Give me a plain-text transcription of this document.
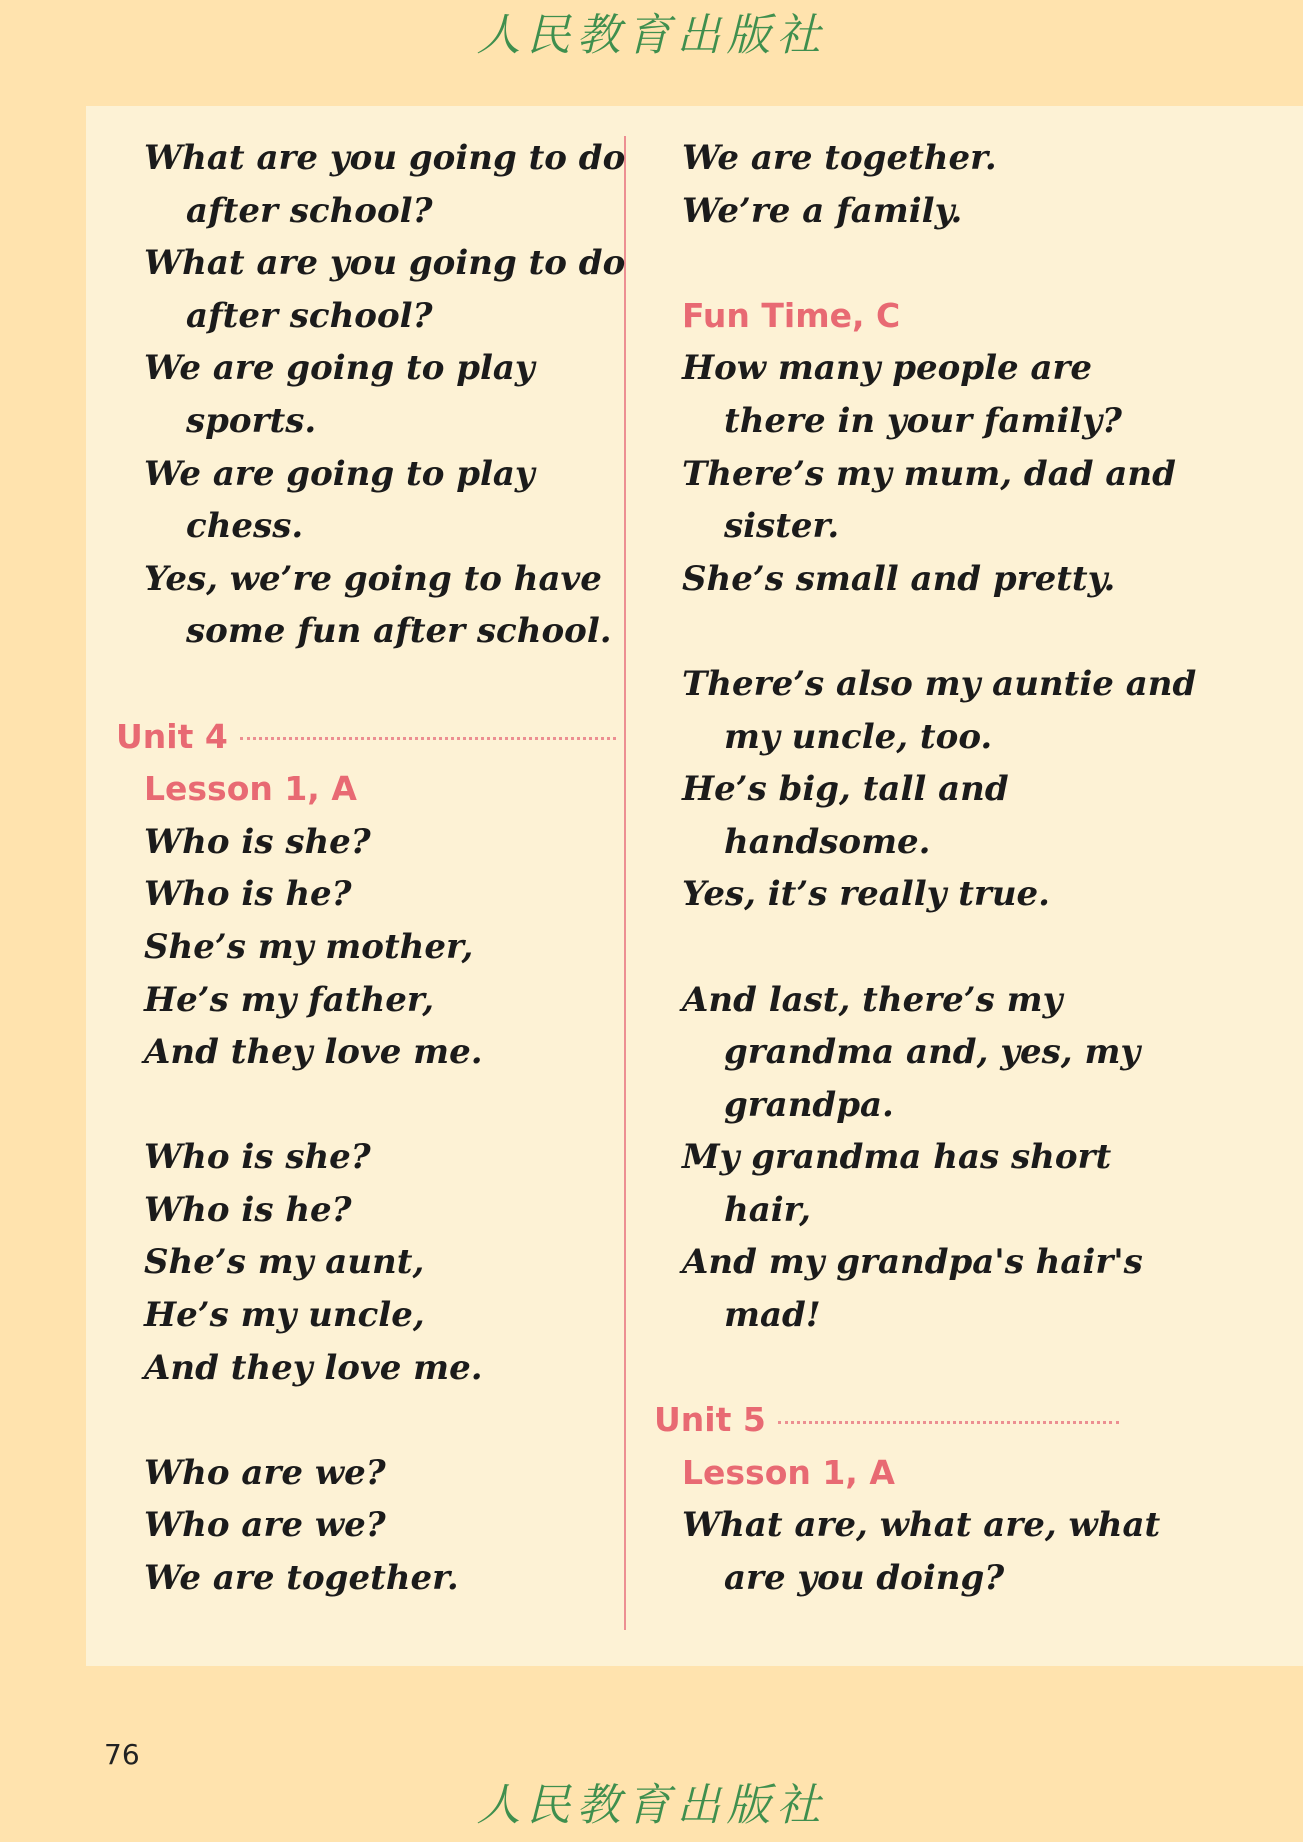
人民教育出版社
What are you going to do
after school?
What are you going to do
after school?
We are going to play
sports.
We are going to play
chess.
Yes, we’re going to have
some fun after school.
Unit 4
Lesson 1, A
Who is she?
Who is he?
She’s my mother,
He’s my father,
And they love me.
Who is she?
Who is he?
She’s my aunt,
He’s my uncle,
And they love me.
Who are we?
Who are we?
We are together.
We are together.
We’re a family.
Fun Time, C
How many people are
there in your family?
There’s my mum, dad and
sister.
She’s small and pretty.
There’s also my auntie and
my uncle, too.
He’s big, tall and
handsome.
Yes, it’s really true.
And last, there’s my
grandma and, yes, my
grandpa.
My grandma has short
hair,
And my grandpa's hair's
mad!
Unit 5
Lesson 1, A
What are, what are, what
are you doing?
76
人民教育出版社
